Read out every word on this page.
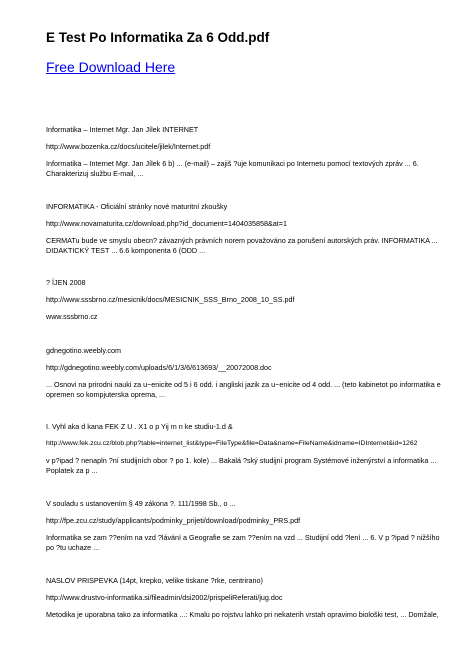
E Test Po Informatika Za 6 Odd.pdf
Free Download Here
Informatika – Internet Mgr. Jan Jílek INTERNET
http://www.bozenka.cz/docs/ucitele/jilek/Internet.pdf
Informatika – Internet Mgr. Jan Jílek 6 b) ... (e-mail) – zajiš ?uje komunikaci po Internetu pomocí textových zpráv ... 6. Charakterizuj službu E-mail, ...
INFORMATIKA - Oficiální stránky nové maturitní zkoušky
http://www.novamaturita.cz/download.php?id_document=1404035858&at=1
CERMATu bude ve smyslu obecn? závazných právních norem považováno za porušení autorských práv. INFORMATIKA ... DIDAKTICKÝ TEST ... 6.6 komponenta 6 (ODD ...
? ÍJEN 2008
http://www.sssbrno.cz/mesicnik/docs/MESICNIK_SSS_Brno_2008_10_SS.pdf
www.sssbrno.cz
gdnegotino.weebly.com
http://gdnegotino.weebly.com/uploads/6/1/3/6/613693/__20072008.doc
... Osnovi na prirodni nauki za u~enicite od 5 i 6 odd. i angliski jazik za u~enicite od 4 odd. ... (teto kabinetot po informatika e opremen so kompjuterska oprema, ...
I. Vyhl aka d kana FEK Z U . X1 o p Yij m n ke studiu-1.d &
http://www.fek.zcu.cz/blob.php?table=internet_list&type=FileType&file=Data&name=FileName&idname=IDInternet&id=1262
v p?ipad ? nenapln ?ní studijních obor ? po 1. kole) ... Bakalá ?ský studijní program Systémové inženýrství a informatika ... Poplatek za p ...
V souladu s ustanovením § 49 zákona ?. 111/1998 Sb., o ...
http://fpe.zcu.cz/study/applicants/podminky_prijeti/download/podminky_PRS.pdf
Informatika se zam ??ením na vzd ?lávání a Geografie se zam ??ením na vzd ... Studijní odd ?lení ... 6. V p ?ipad ? nižšího po ?tu uchaze ...
NASLOV PRISPEVKA (14pt, krepko, velike tiskane ?rke, centrirano)
http://www.drustvo-informatika.si/fileadmin/dsi2002/prispeliReferati/jug.doc
Metodika je uporabna tako za informatika ...: Kmalu po rojstvu lahko pri nekaterih vrstah opravimo biološki test, ... Domžale,
